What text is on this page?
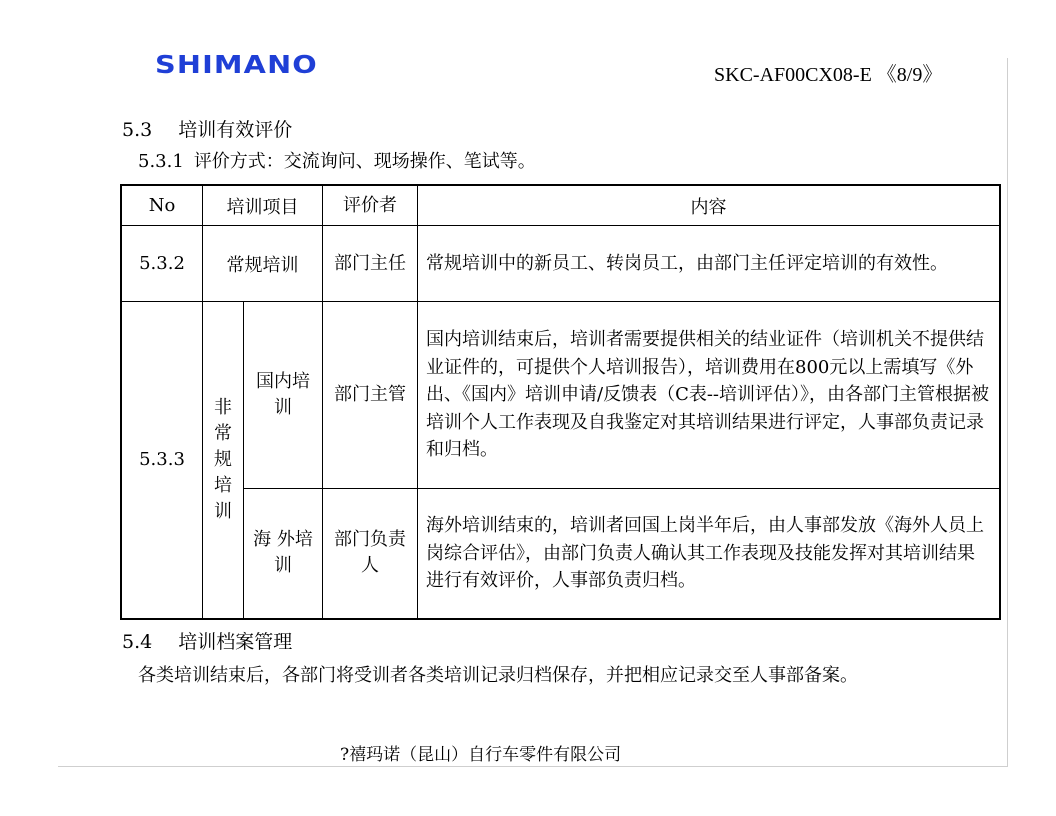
SHIMANO	SKC-AF00CX08-E 《8/9》
5.3 培训有效评价
5.3.1 评价方式：交流询问、现场操作、笔试等。
No	培训项目		评价者	内容
5.3.2	常规培训		部门主任	常规培训中的新员工、转岗员工，由部门主任评定培训的有效性。
5.3.3	非常规培训	国内培训	部门主管	国内培训结束后，培训者需要提供相关的结业证件（培训机关不提供结业证件的，可提供个人培训报告），培训费用在800元以上需填写《外出、《国内》培训申请/反馈表（C表--培训评估）》，由各部门主管根据被培训个人工作表现及自我鉴定对其培训结果进行评定，人事部负责记录和归档。
		海 外培训	部门负责人	海外培训结束的，培训者回国上岗半年后，由人事部发放《海外人员上岗综合评估》，由部门负责人确认其工作表现及技能发挥对其培训结果进行有效评价，人事部负责归档。
5.4 培训档案管理
各类培训结束后，各部门将受训者各类培训记录归档保存，并把相应记录交至人事部备案。
?禧玛诺（昆山）自行车零件有限公司
